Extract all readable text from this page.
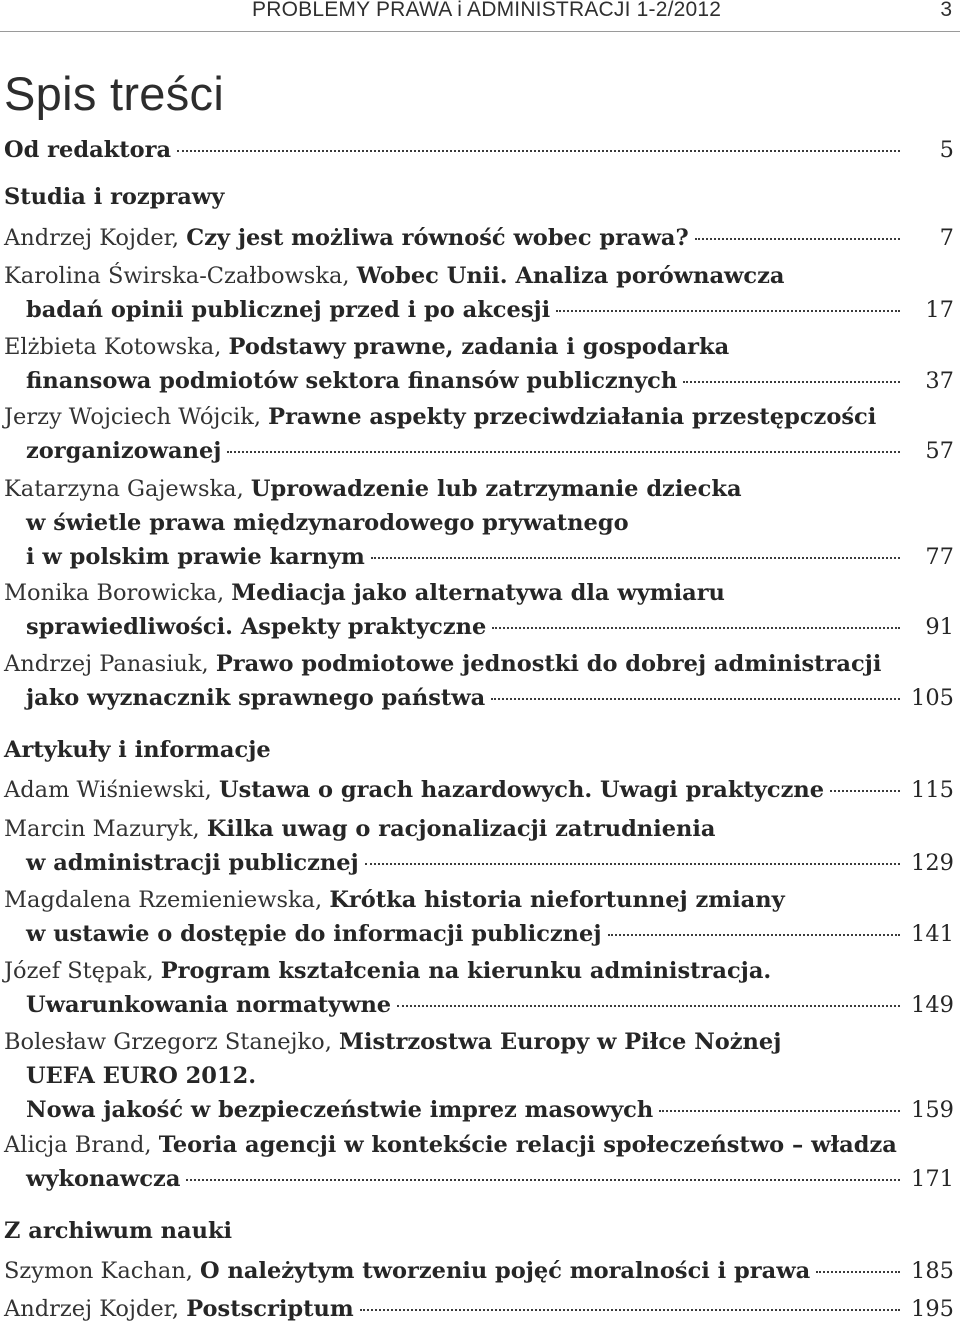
PROBLEMY PRAWA i ADMINISTRACJI 1-2/2012	3
Spis treści
Od redaktora	5
Studia i rozprawy
Andrzej Kojder, Czy jest możliwa równość wobec prawa?	7
Karolina Świrska-Czałbowska, Wobec Unii. Analiza porównawcza
badań opinii publicznej przed i po akcesji	17
Elżbieta Kotowska, Podstawy prawne, zadania i gospodarka
finansowa podmiotów sektora finansów publicznych	37
Jerzy Wojciech Wójcik, Prawne aspekty przeciwdziałania przestępczości
zorganizowanej	57
Katarzyna Gajewska, Uprowadzenie lub zatrzymanie dziecka
w świetle prawa międzynarodowego prywatnego
i w polskim prawie karnym	77
Monika Borowicka, Mediacja jako alternatywa dla wymiaru
sprawiedliwości. Aspekty praktyczne	91
Andrzej Panasiuk, Prawo podmiotowe jednostki do dobrej administracji
jako wyznacznik sprawnego państwa	105
Artykuły i informacje
Adam Wiśniewski, Ustawa o grach hazardowych. Uwagi praktyczne	115
Marcin Mazuryk, Kilka uwag o racjonalizacji zatrudnienia
w administracji publicznej	129
Magdalena Rzemieniewska, Krótka historia niefortunnej zmiany
w ustawie o dostępie do informacji publicznej	141
Józef Stępak, Program kształcenia na kierunku administracja.
Uwarunkowania normatywne	149
Bolesław Grzegorz Stanejko, Mistrzostwa Europy w Piłce Nożnej
UEFA EURO 2012.
Nowa jakość w bezpieczeństwie imprez masowych	159
Alicja Brand, Teoria agencji w kontekście relacji społeczeństwo – władza
wykonawcza	171
Z archiwum nauki
Szymon Kachan, O należytym tworzeniu pojęć moralności i prawa	185
Andrzej Kojder, Postscriptum	195
